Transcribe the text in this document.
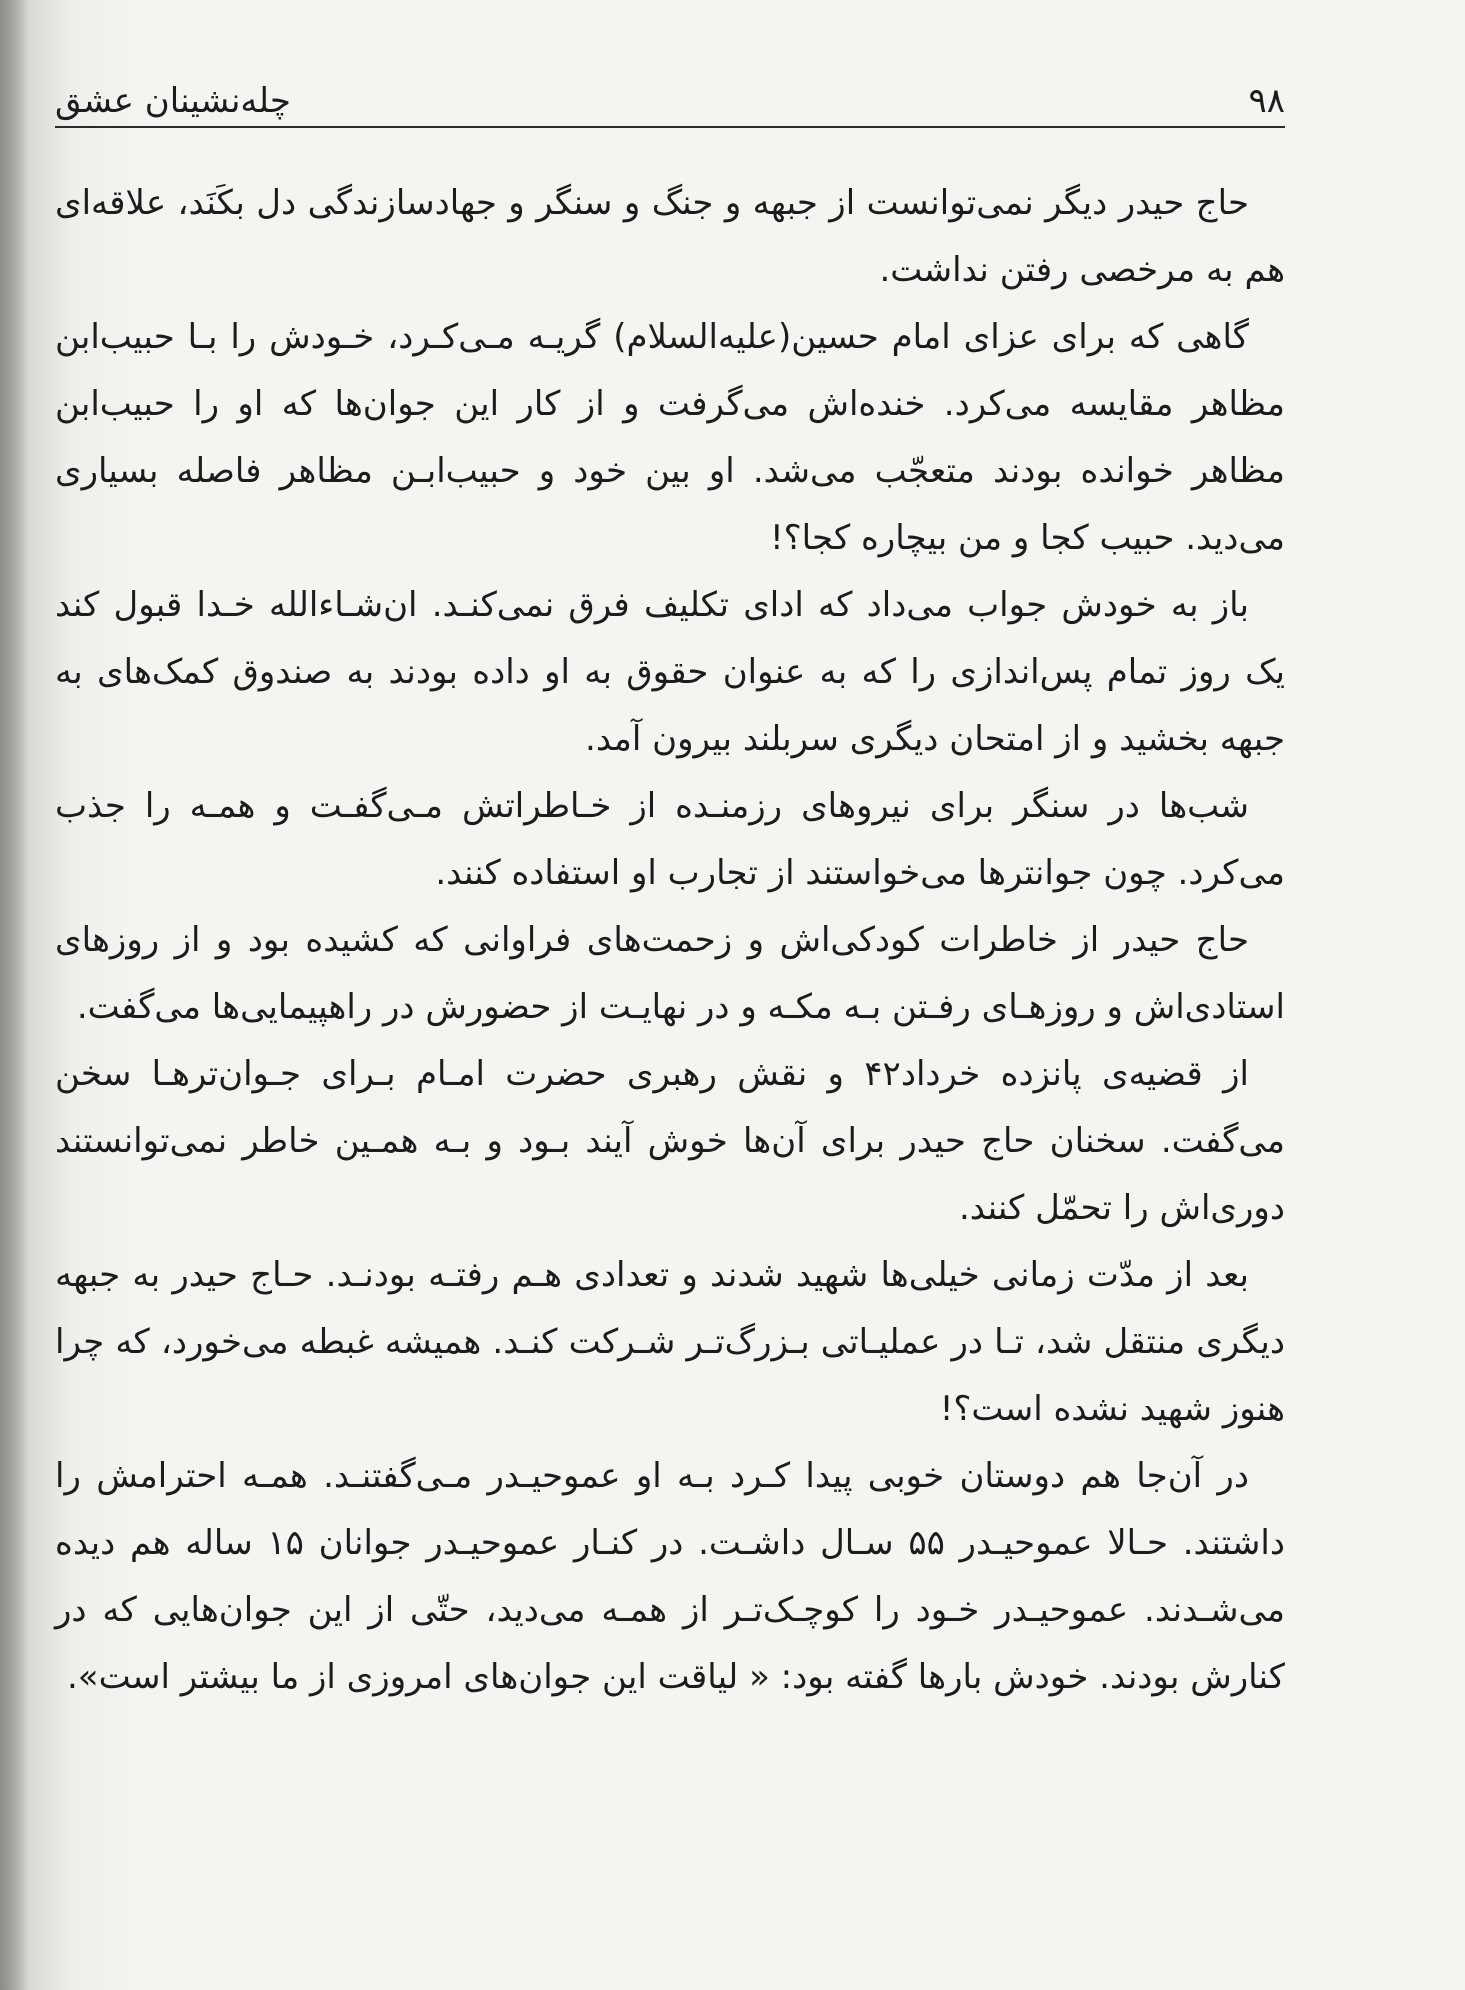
۹۸
چله‌نشینان عشق

حاج حیدر دیگر نمی‌توانست از جبهه و جنگ و سنگر و جهادسازندگی دل بکَنَد، علاقه‌ای هم به مرخصی رفتن نداشت.

گاهی که برای عزای امام حسین(علیه‌السلام) گریـه مـی‌کـرد، خـودش را بـا حبیب‌ابن مظاهر مقایسه می‌کرد. خنده‌اش می‌گرفت و از کار این جوان‌ها که او را حبیب‌ابن مظاهر خوانده بودند متعجّب می‌شد. او بین خود و حبیب‌ابـن مظاهر فاصله بسیاری می‌دید. حبیب کجا و من بیچاره کجا؟!

باز به خودش جواب می‌داد که ادای تکلیف فرق نمی‌کنـد. ان‌شـاءالله خـدا قبول کند یک روز تمام پس‌اندازی را که به عنوان حقوق به او داده بودند به صندوق کمک‌های به جبهه بخشید و از امتحان دیگری سربلند بیرون آمد.

شب‌ها در سنگر برای نیروهای رزمنـده از خـاطراتش مـی‌گفـت و همـه را جذب می‌کرد. چون جوانترها می‌خواستند از تجارب او استفاده کنند.

حاج حیدر از خاطرات کودکی‌اش و زحمت‌های فراوانی که کشیده بود و از روزهای استادی‌اش و روزهـای رفـتن بـه مکـه و در نهایـت از حضورش در راهپیمایی‌ها می‌گفت.

از قضیه‌ی پانزده خرداد۴۲ و نقش رهبری حضرت امـام بـرای جـوان‌ترهـا سخن می‌گفت. سخنان حاج حیدر برای آن‌ها خوش آیند بـود و بـه همـین خاطر نمی‌توانستند دوری‌اش را تحمّل کنند.

بعد از مدّت زمانی خیلی‌ها شهید شدند و تعدادی هـم رفتـه بودنـد. حـاج حیدر به جبهه دیگری منتقل شد، تـا در عملیـاتی بـزرگ‌تـر شـرکت کنـد. همیشه غبطه می‌خورد، که چرا هنوز شهید نشده است؟!

در آن‌جا هم دوستان خوبی پیدا کـرد بـه او عموحیـدر مـی‌گفتنـد. همـه احترامش را داشتند. حـالا عموحیـدر ۵۵ سـال داشـت. در کنـار عموحیـدر جوانان ۱۵ ساله هم دیده می‌شـدند. عموحیـدر خـود را کوچـک‌تـر از همـه می‌دید، حتّی از این جوان‌هایی که در کنارش بودند. خودش بارها گفته بود: « لیاقت این جوان‌های امروزی از ما بیشتر است».
